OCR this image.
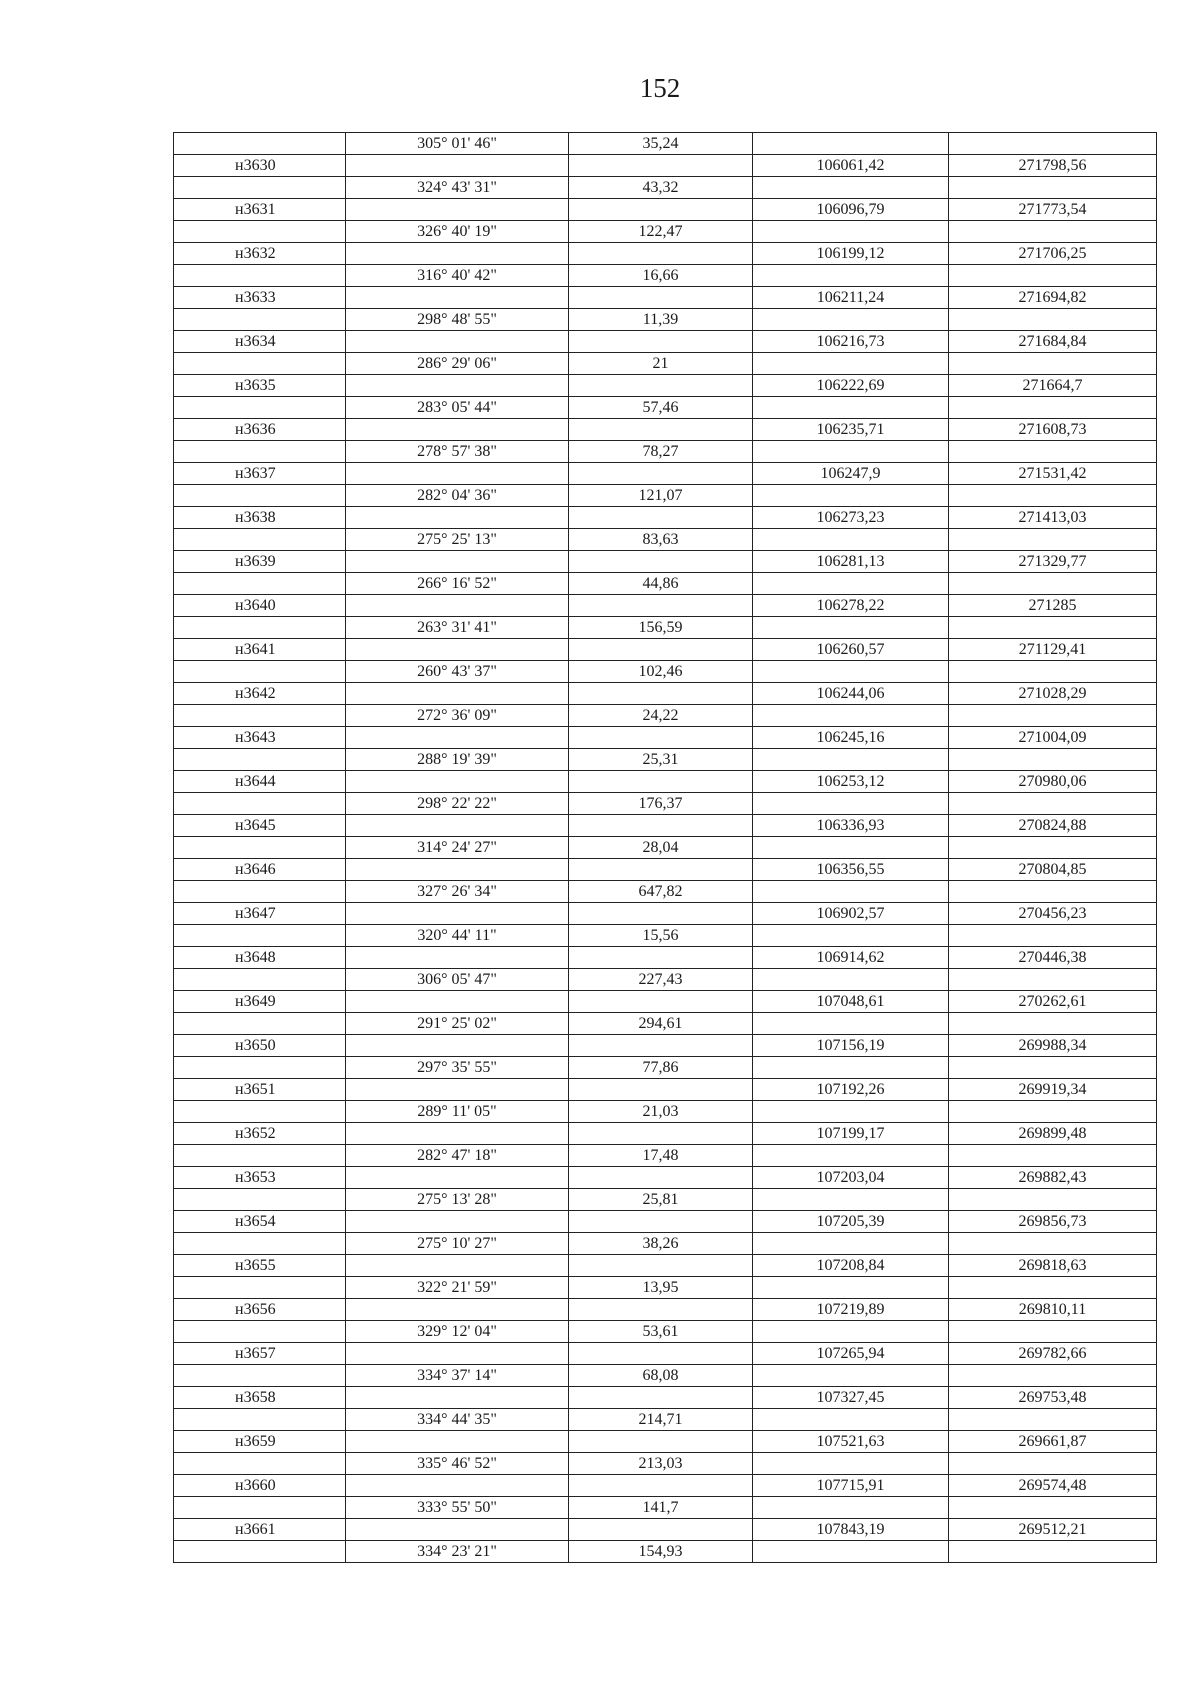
152
	305° 01' 46"	35,24		
н3630			106061,42	271798,56
	324° 43' 31"	43,32		
н3631			106096,79	271773,54
	326° 40' 19"	122,47		
н3632			106199,12	271706,25
	316° 40' 42"	16,66		
н3633			106211,24	271694,82
	298° 48' 55"	11,39		
н3634			106216,73	271684,84
	286° 29' 06"	21		
н3635			106222,69	271664,7
	283° 05' 44"	57,46		
н3636			106235,71	271608,73
	278° 57' 38"	78,27		
н3637			106247,9	271531,42
	282° 04' 36"	121,07		
н3638			106273,23	271413,03
	275° 25' 13"	83,63		
н3639			106281,13	271329,77
	266° 16' 52"	44,86		
н3640			106278,22	271285
	263° 31' 41"	156,59		
н3641			106260,57	271129,41
	260° 43' 37"	102,46		
н3642			106244,06	271028,29
	272° 36' 09"	24,22		
н3643			106245,16	271004,09
	288° 19' 39"	25,31		
н3644			106253,12	270980,06
	298° 22' 22"	176,37		
н3645			106336,93	270824,88
	314° 24' 27"	28,04		
н3646			106356,55	270804,85
	327° 26' 34"	647,82		
н3647			106902,57	270456,23
	320° 44' 11"	15,56		
н3648			106914,62	270446,38
	306° 05' 47"	227,43		
н3649			107048,61	270262,61
	291° 25' 02"	294,61		
н3650			107156,19	269988,34
	297° 35' 55"	77,86		
н3651			107192,26	269919,34
	289° 11' 05"	21,03		
н3652			107199,17	269899,48
	282° 47' 18"	17,48		
н3653			107203,04	269882,43
	275° 13' 28"	25,81		
н3654			107205,39	269856,73
	275° 10' 27"	38,26		
н3655			107208,84	269818,63
	322° 21' 59"	13,95		
н3656			107219,89	269810,11
	329° 12' 04"	53,61		
н3657			107265,94	269782,66
	334° 37' 14"	68,08		
н3658			107327,45	269753,48
	334° 44' 35"	214,71		
н3659			107521,63	269661,87
	335° 46' 52"	213,03		
н3660			107715,91	269574,48
	333° 55' 50"	141,7		
н3661			107843,19	269512,21
	334° 23' 21"	154,93		
